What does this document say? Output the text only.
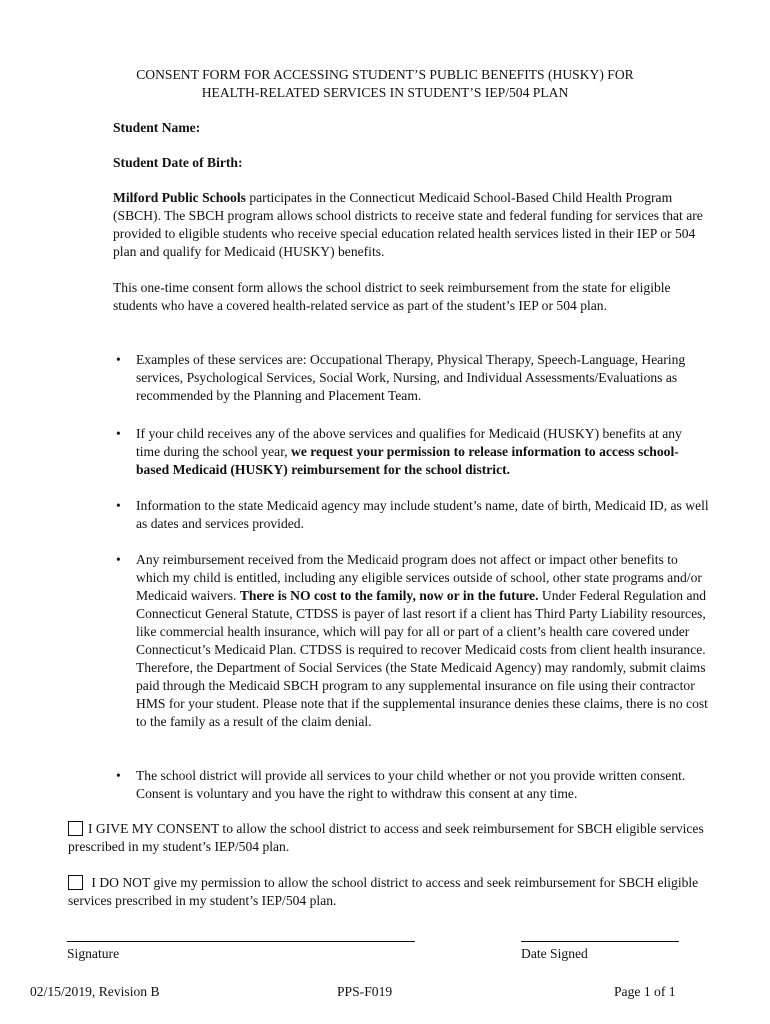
CONSENT FORM FOR ACCESSING STUDENT’S PUBLIC BENEFITS (HUSKY) FOR
HEALTH-RELATED SERVICES IN STUDENT’S IEP/504 PLAN
Student Name:
Student Date of Birth:
Milford Public Schools participates in the Connecticut Medicaid School-Based Child Health Program (SBCH). The SBCH program allows school districts to receive state and federal funding for services that are provided to eligible students who receive special education related health services listed in their IEP or 504 plan and qualify for Medicaid (HUSKY) benefits.
This one-time consent form allows the school district to seek reimbursement from the state for eligible students who have a covered health-related service as part of the student’s IEP or 504 plan.
• Examples of these services are: Occupational Therapy, Physical Therapy, Speech-Language, Hearing services, Psychological Services, Social Work, Nursing, and Individual Assessments/Evaluations as recommended by the Planning and Placement Team.
• If your child receives any of the above services and qualifies for Medicaid (HUSKY) benefits at any time during the school year, we request your permission to release information to access school-based Medicaid (HUSKY) reimbursement for the school district.
• Information to the state Medicaid agency may include student’s name, date of birth, Medicaid ID, as well as dates and services provided.
• Any reimbursement received from the Medicaid program does not affect or impact other benefits to which my child is entitled, including any eligible services outside of school, other state programs and/or Medicaid waivers. There is NO cost to the family, now or in the future. Under Federal Regulation and Connecticut General Statute, CTDSS is payer of last resort if a client has Third Party Liability resources, like commercial health insurance, which will pay for all or part of a client’s health care covered under Connecticut’s Medicaid Plan. CTDSS is required to recover Medicaid costs from client health insurance. Therefore, the Department of Social Services (the State Medicaid Agency) may randomly, submit claims paid through the Medicaid SBCH program to any supplemental insurance on file using their contractor HMS for your student. Please note that if the supplemental insurance denies these claims, there is no cost to the family as a result of the claim denial.
• The school district will provide all services to your child whether or not you provide written consent. Consent is voluntary and you have the right to withdraw this consent at any time.
I GIVE MY CONSENT to allow the school district to access and seek reimbursement for SBCH eligible services prescribed in my student’s IEP/504 plan.
I DO NOT give my permission to allow the school district to access and seek reimbursement for SBCH eligible services prescribed in my student’s IEP/504 plan.
Signature	Date Signed
02/15/2019, Revision B	PPS-F019	Page 1 of 1
